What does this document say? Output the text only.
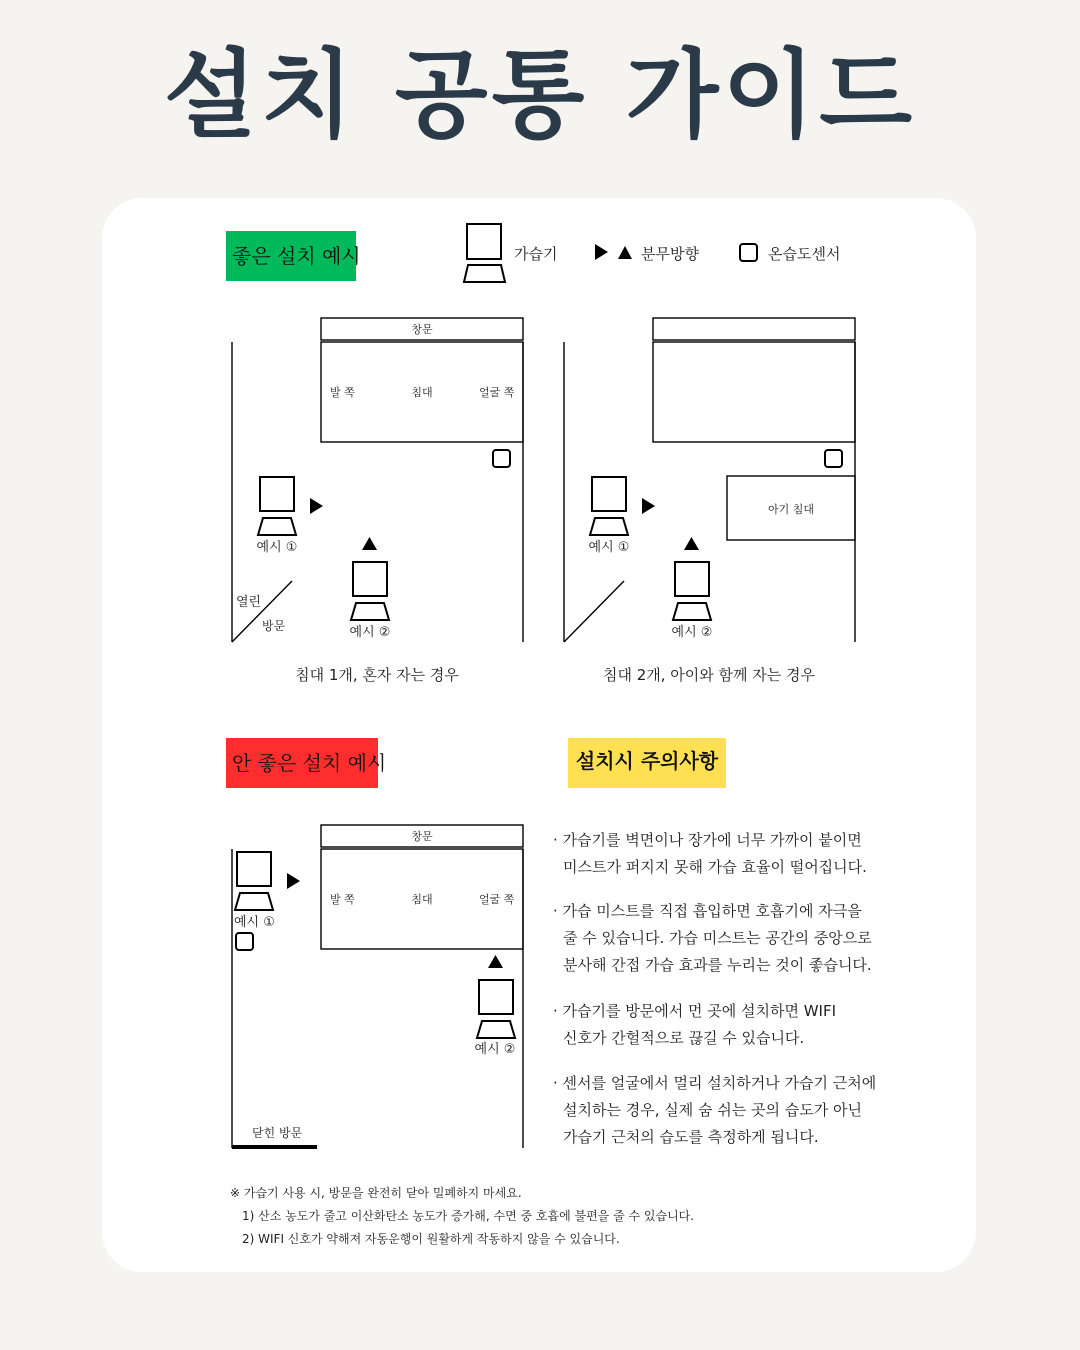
설치 공통 가이드
좋은 설치 예시	가습기	분무방향	온습도센서
창문
발 쪽	침대	얼굴 쪽
예시 ①
예시 ②
열린
방문
침대 1개, 혼자 자는 경우
아기 침대
예시 ①
예시 ②
침대 2개, 아이와 함께 자는 경우
안 좋은 설치 예시
창문
발 쪽	침대	얼굴 쪽
예시 ①
예시 ②
닫힌 방문
설치시 주의사항

· 가습기를 벽면이나 장가에 너무 가까이 붙이면

미스트가 퍼지지 못해 가습 효율이 떨어집니다.

· 가습 미스트를 직접 흡입하면 호흡기에 자극을

줄 수 있습니다. 가습 미스트는 공간의 중앙으로

분사해 간접 가습 효과를 누리는 것이 좋습니다.

· 가습기를 방문에서 먼 곳에 설치하면 WIFI

신호가 간헐적으로 끊길 수 있습니다.

· 센서를 얼굴에서 멀리 설치하거나 가습기 근처에

설치하는 경우, 실제 숨 쉬는 곳의 습도가 아닌

가습기 근처의 습도를 측정하게 됩니다.

※ 가습기 사용 시, 방문을 완전히 닫아 밀폐하지 마세요.
1) 산소 농도가 줄고 이산화탄소 농도가 증가해, 수면 중 호흡에 불편을 줄 수 있습니다.
2) WIFI 신호가 약해져 자동운행이 원활하게 작동하지 않을 수 있습니다.
